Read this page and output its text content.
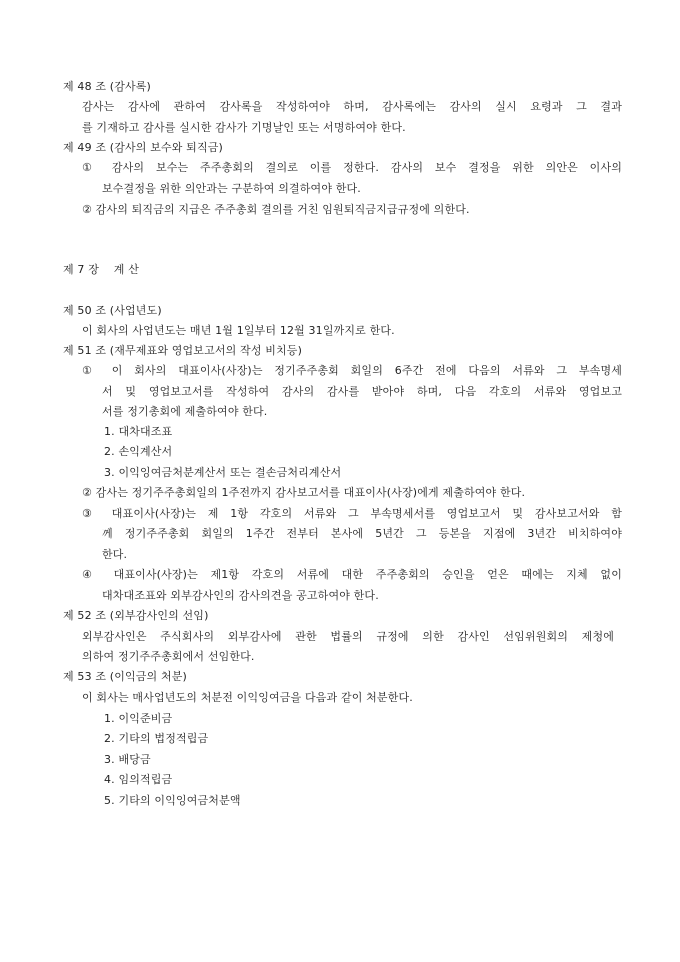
제 48 조 (감사록)
감사는 감사에 관하여 감사록을 작성하여야 하며, 감사록에는 감사의 실시 요령과 그 결과
를 기재하고 감사를 실시한 감사가 기명날인 또는 서명하여야 한다.
제 49 조 (감사의 보수와 퇴직금)
① 감사의 보수는 주주총회의 결의로 이를 정한다. 감사의 보수 결정을 위한 의안은 이사의
보수결정을 위한 의안과는 구분하여 의결하여야 한다.
② 감사의 퇴직금의 지급은 주주총회 결의를 거친 임원퇴직금지급규정에 의한다.
제 7 장　 계 산
제 50 조 (사업년도)
이 회사의 사업년도는 매년 1월 1일부터 12월 31일까지로 한다.
제 51 조 (재무제표와 영업보고서의 작성 비치등)
① 이 회사의 대표이사(사장)는 정기주주총회 회일의 6주간 전에 다음의 서류와 그 부속명세
서 및 영업보고서를 작성하여 감사의 감사를 받아야 하며, 다음 각호의 서류와 영업보고
서를 정기총회에 제출하여야 한다.
1. 대차대조표
2. 손익계산서
3. 이익잉여금처분계산서 또는 결손금처리계산서
② 감사는 정기주주총회일의 1주전까지 감사보고서를 대표이사(사장)에게 제출하여야 한다.
③ 대표이사(사장)는 제 1항 각호의 서류와 그 부속명세서를 영업보고서 및 감사보고서와 함
께 정기주주총회 회일의 1주간 전부터 본사에 5년간 그 등본을 지점에 3년간 비치하여야
한다.
④ 대표이사(사장)는 제1항 각호의 서류에 대한 주주총회의 승인을 얻은 때에는 지체 없이
대차대조표와 외부감사인의 감사의견을 공고하여야 한다.
제 52 조 (외부감사인의 선임)
외부감사인은 주식회사의 외부감사에 관한 법률의 규정에 의한 감사인 선임위원회의 제청에
의하여 정기주주총회에서 선임한다.
제 53 조 (이익금의 처분)
이 회사는 매사업년도의 처분전 이익잉여금을 다음과 같이 처분한다.
1. 이익준비금
2. 기타의 법정적립금
3. 배당금
4. 임의적립금
5. 기타의 이익잉여금처분액
